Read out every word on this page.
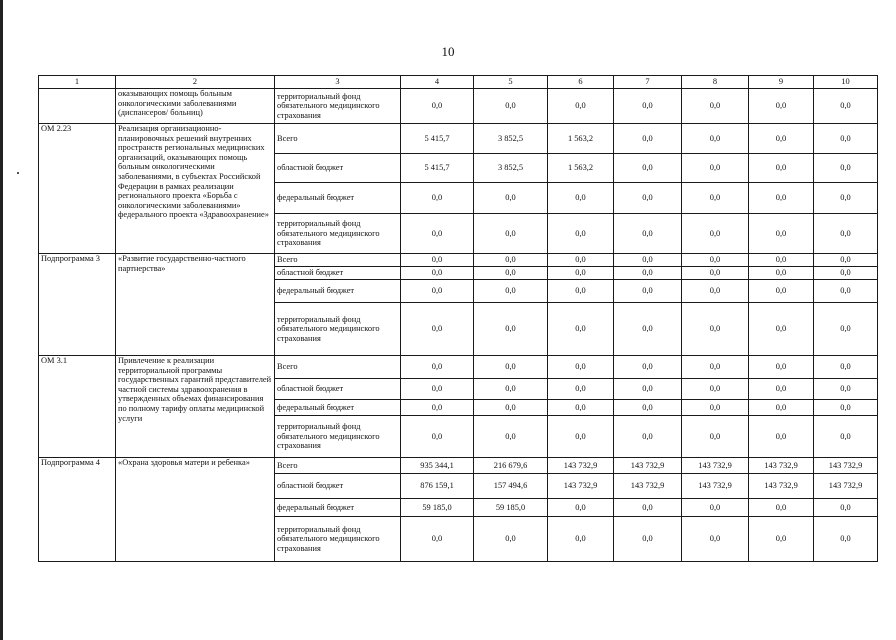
10
1	2	3	4	5	6	7	8	9	10
	оказывающих помощь больным онкологическими заболеваниями (диспансеров/ больниц)	территориальный фонд обязательного медицинского страхования	0,0	0,0	0,0	0,0	0,0	0,0	0,0
ОМ 2.23	Реализация организационно-планировочных решений внутренних пространств региональных медицинских организаций, оказывающих помощь больным онкологическими заболеваниями, в субъектах Российской Федерации в рамках реализации регионального проекта «Борьба с онкологическими заболеваниями» федерального проекта «Здравоохранение»	Всего	5 415,7	3 852,5	1 563,2	0,0	0,0	0,0	0,0
		областной бюджет	5 415,7	3 852,5	1 563,2	0,0	0,0	0,0	0,0
		федеральный бюджет	0,0	0,0	0,0	0,0	0,0	0,0	0,0
		территориальный фонд обязательного медицинского страхования	0,0	0,0	0,0	0,0	0,0	0,0	0,0
Подпрограмма 3	«Развитие государственно-частного партнерства»	Всего	0,0	0,0	0,0	0,0	0,0	0,0	0,0
		областной бюджет	0,0	0,0	0,0	0,0	0,0	0,0	0,0
		федеральный бюджет	0,0	0,0	0,0	0,0	0,0	0,0	0,0
		территориальный фонд обязательного медицинского страхования	0,0	0,0	0,0	0,0	0,0	0,0	0,0
ОМ 3.1	Привлечение к реализации территориальной программы государственных гарантий представителей частной системы здравоохранения в утвержденных объемах финансирования по полному тарифу оплаты медицинской услуги	Всего	0,0	0,0	0,0	0,0	0,0	0,0	0,0
		областной бюджет	0,0	0,0	0,0	0,0	0,0	0,0	0,0
		федеральный бюджет	0,0	0,0	0,0	0,0	0,0	0,0	0,0
		территориальный фонд обязательного медицинского страхования	0,0	0,0	0,0	0,0	0,0	0,0	0,0
Подпрограмма 4	«Охрана здоровья матери и ребенка»	Всего	935 344,1	216 679,6	143 732,9	143 732,9	143 732,9	143 732,9	143 732,9
		областной бюджет	876 159,1	157 494,6	143 732,9	143 732,9	143 732,9	143 732,9	143 732,9
		федеральный бюджет	59 185,0	59 185,0	0,0	0,0	0,0	0,0	0,0
		территориальный фонд обязательного медицинского страхования	0,0	0,0	0,0	0,0	0,0	0,0	0,0
